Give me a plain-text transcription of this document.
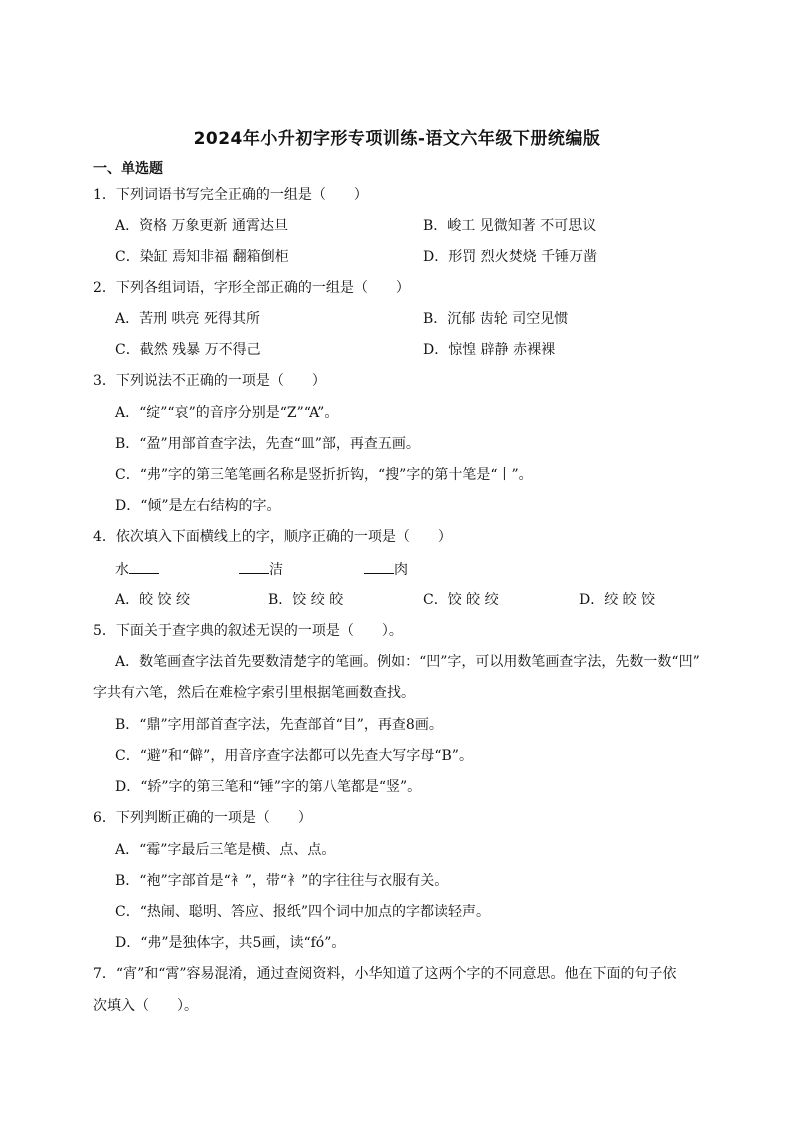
2024年小升初字形专项训练-语文六年级下册统编版
一、单选题
1．下列词语书写完全正确的一组是（　　）
A．资格 万象更新 通霄达旦	B．峻工 见微知著 不可思议
C．染缸 焉知非福 翻箱倒柜	D．形罚 烈火焚烧 千锤万凿
2．下列各组词语，字形全部正确的一组是（　　）
A．苦刑 哄亮 死得其所	B．沉郁 齿轮 司空见惯
C．截然 残暴 万不得己	D．惊惶 辟静 赤裸裸
3．下列说法不正确的一项是（　　）
A．“绽”“哀”的音序分别是“Z”“A”。
B．“盈”用部首查字法，先查“皿”部，再查五画。
C．“弗”字的第三笔笔画名称是竖折折钩，“搜”字的第十笔是“丨”。
D．“倾”是左右结构的字。
4．依次填入下面横线上的字，顺序正确的一项是（　　）
水	洁	肉
A．皎 饺 绞	B．饺 绞 皎	C．饺 皎 绞	D．绞 皎 饺
5．下面关于查字典的叙述无误的一项是（　　）。
A．数笔画查字法首先要数清楚字的笔画。例如：“凹”字，可以用数笔画查字法，先数一数“凹”
字共有六笔，然后在难检字索引里根据笔画数查找。
B．“鼎”字用部首查字法，先查部首“目”，再查8画。
C．“避”和“僻”，用音序查字法都可以先查大写字母“B”。
D．“轿”字的第三笔和“锤”字的第八笔都是“竖”。
6．下列判断正确的一项是（　　）
A．“霉”字最后三笔是横、点、点。
B．“袍”字部首是“衤”，带“衤”的字往往与衣服有关。
C．“热闹、聪明、答应、报纸”四个词中加点的字都读轻声。
D．“弗”是独体字，共5画，读“fó”。
7．“宵”和“霄”容易混淆，通过查阅资料，小华知道了这两个字的不同意思。他在下面的句子依
次填入（　　）。
